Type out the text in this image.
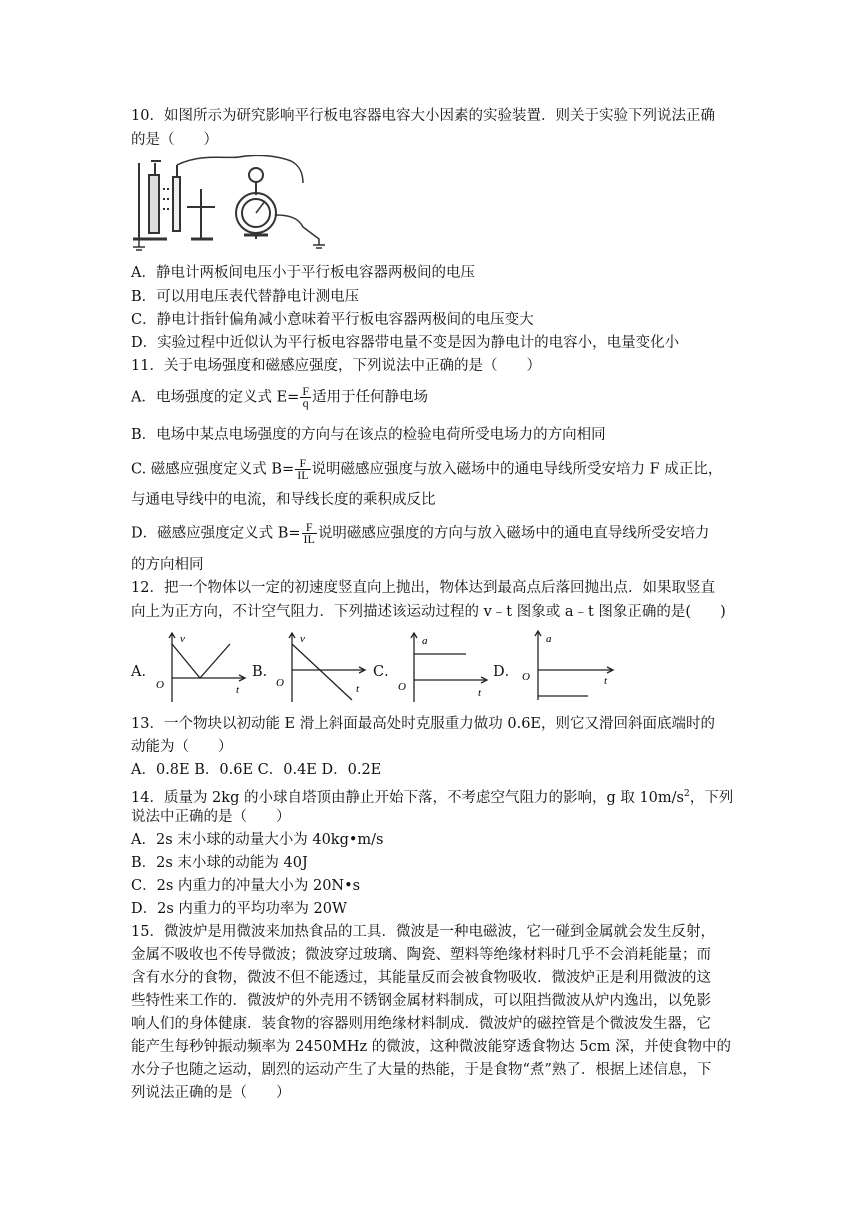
10．如图所示为研究影响平行板电容器电容大小因素的实验装置．则关于实验下列说法正确
的是（　　）
A．静电计两板间电压小于平行板电容器两极间的电压
B．可以用电压表代替静电计测电压
C．静电计指针偏角减小意味着平行板电容器两极间的电压变大
D．实验过程中近似认为平行板电容器带电量不变是因为静电计的电容小，电量变化小
11．关于电场强度和磁感应强度，下列说法中正确的是（　　）
A．电场强度的定义式 $E= \frac{F}{q}$ 适用于任何静电场
B．电场中某点电场强度的方向与在该点的检验电荷所受电场力的方向相同
C. 磁感应强度定义式 $B= \frac{F}{IL}$ 说明磁感应强度与放入磁场中的通电导线所受安培力 F 成正比，
与通电导线中的电流，和导线长度的乘积成反比
D．磁感应强度定义式 $B= \frac{F}{IL}$ 说明磁感应强度的方向与放入磁场中的通电直导线所受安培力
的方向相同
12．把一个物体以一定的初速度竖直向上抛出，物体达到最高点后落回抛出点．如果取竖直
向上为正方向，不计空气阻力．下列描述该运动过程的 v﹣t 图象或 a﹣t 图象正确的是(　　)
A．	B．	C．	D．
v
O	t
v
O	t
a
O	t
a
O	t
13．一个物块以初动能 E 滑上斜面最高处时克服重力做功 0.6E，则它又滑回斜面底端时的
动能为（　　）
A．0.8E B．0.6E C．0.4E D．0.2E
14．质量为 2kg 的小球自塔顶由静止开始下落，不考虑空气阻力的影响，g 取 $10m/s^2$，下列
说法中正确的是（　　）
A．2s 末小球的动量大小为 40kg•m/s
B．2s 末小球的动能为 40J
C．2s 内重力的冲量大小为 20N•s
D．2s 内重力的平均功率为 20W
15．微波炉是用微波来加热食品的工具．微波是一种电磁波，它一碰到金属就会发生反射，
金属不吸收也不传导微波；微波穿过玻璃、陶瓷、塑料等绝缘材料时几乎不会消耗能量；而
含有水分的食物，微波不但不能透过，其能量反而会被食物吸收．微波炉正是利用微波的这
些特性来工作的．微波炉的外壳用不锈钢金属材料制成，可以阻挡微波从炉内逸出，以免影
响人们的身体健康．装食物的容器则用绝缘材料制成．微波炉的磁控管是个微波发生器，它
能产生每秒钟振动频率为 2450MHz 的微波，这种微波能穿透食物达 5cm 深，并使食物中的
水分子也随之运动，剧烈的运动产生了大量的热能，于是食物“煮”熟了．根据上述信息，下
列说法正确的是（　　）
